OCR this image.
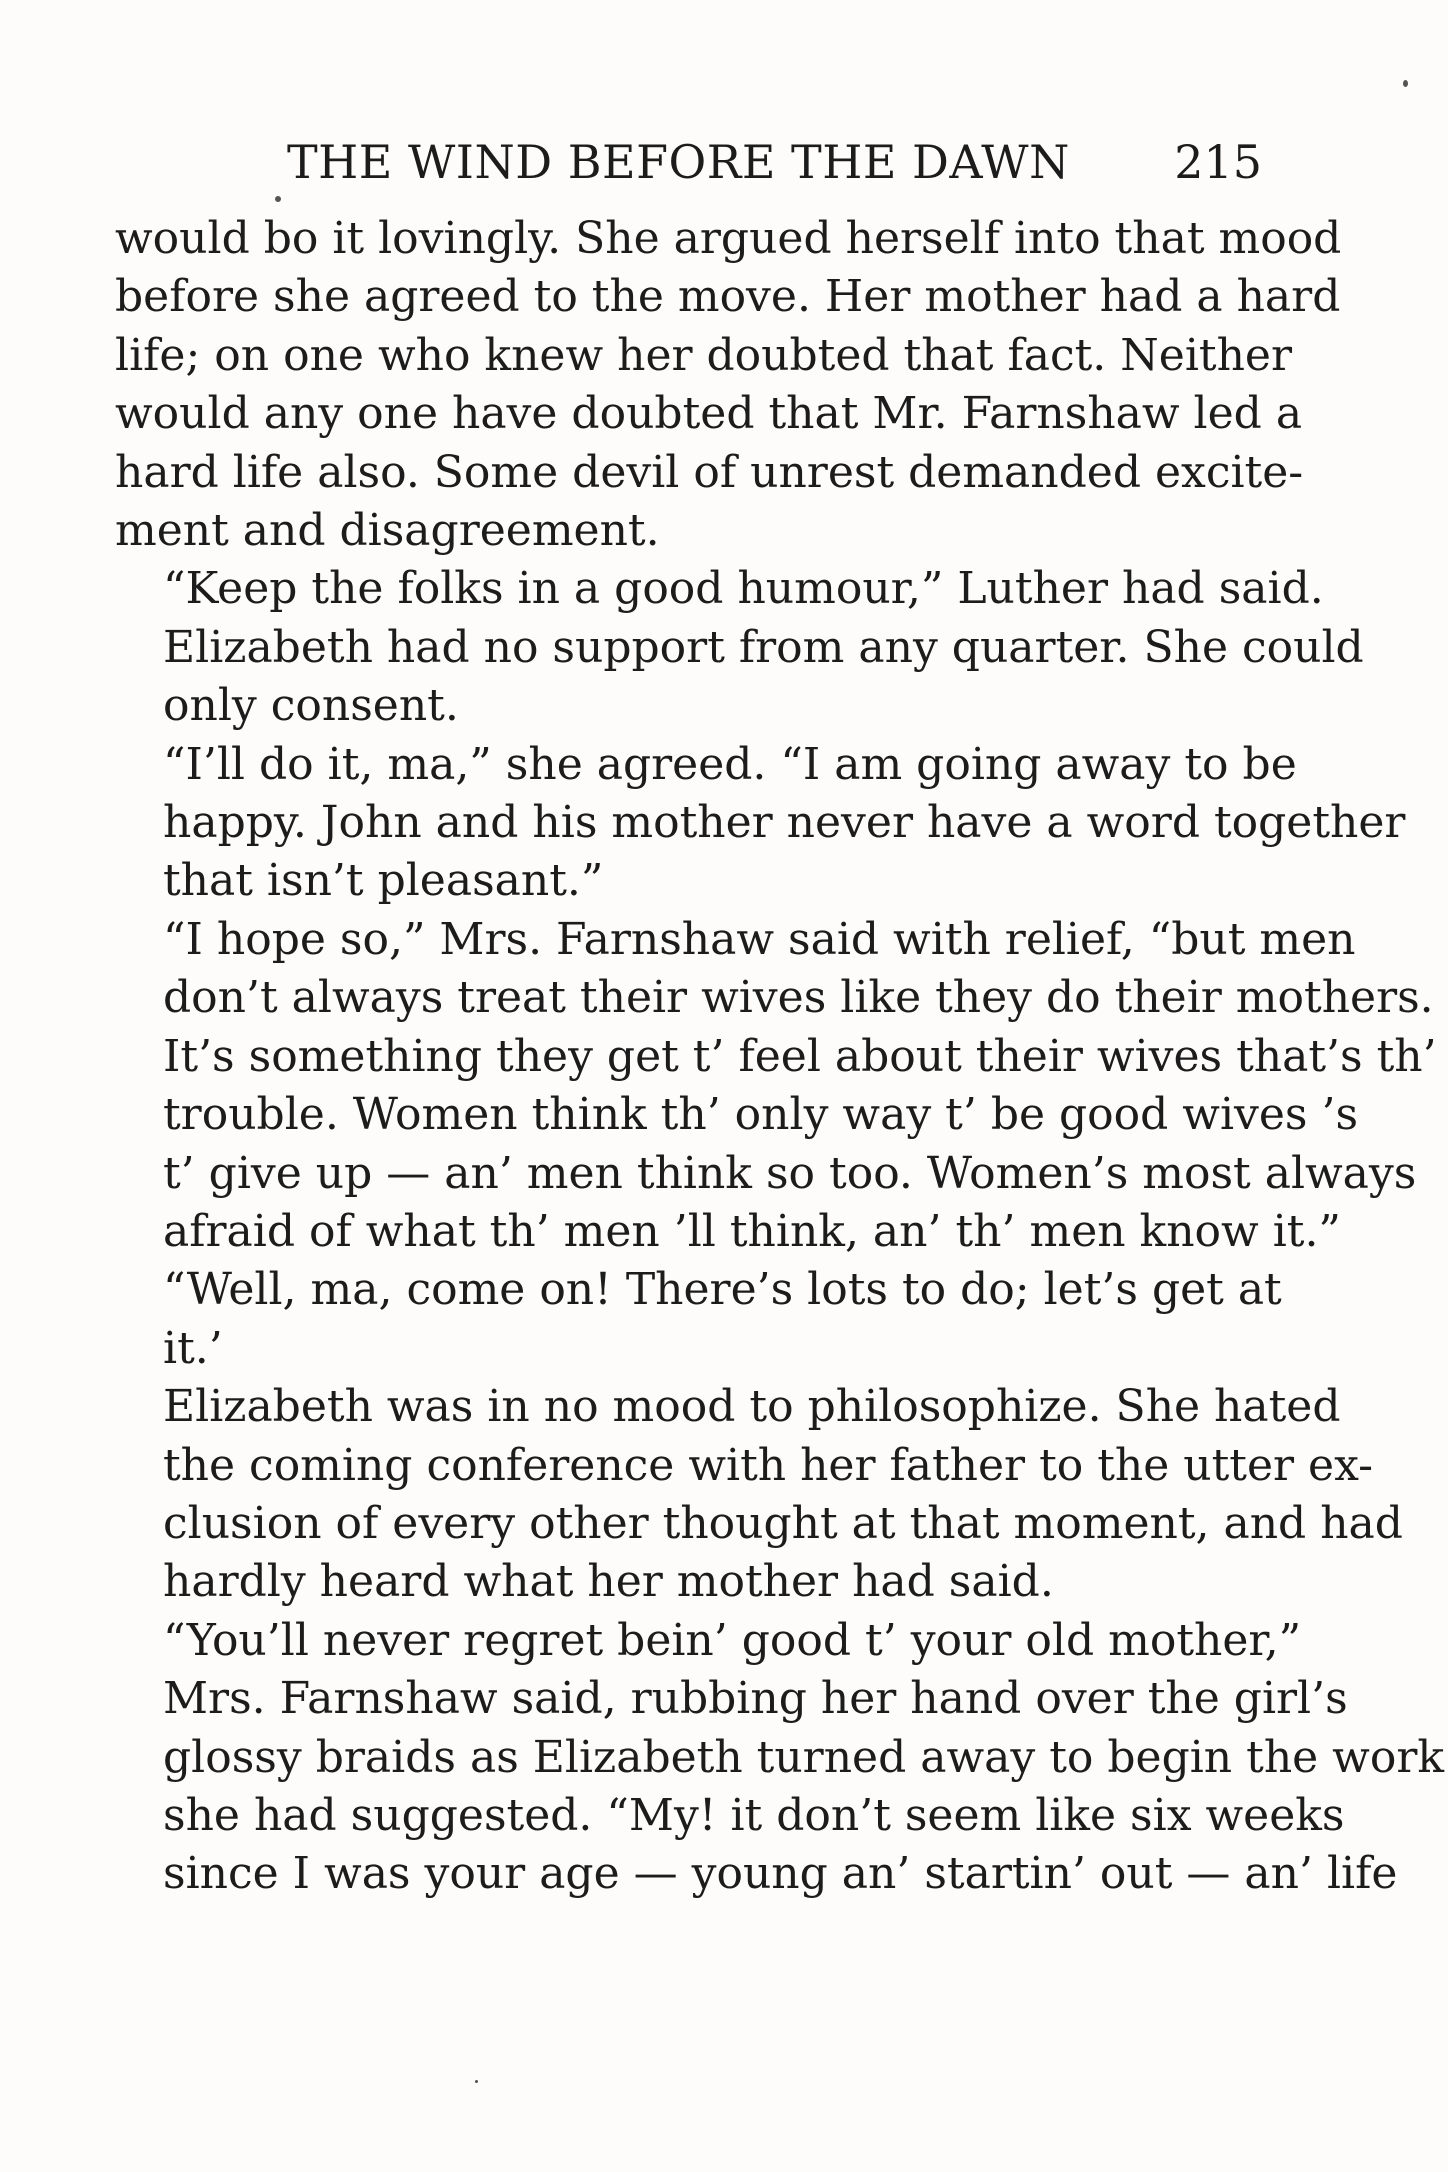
THE WIND BEFORE THE DAWN 215

would bo it lovingly. She argued herself into that mood
before she agreed to the move. Her mother had a hard
life; on one who knew her doubted that fact. Neither
would any one have doubted that Mr. Farnshaw led a
hard life also. Some devil of unrest demanded excite-
ment and disagreement.

“Keep the folks in a good humour,” Luther had said.

Elizabeth had no support from any quarter. She could
only consent.

“I’ll do it, ma,” she agreed. “I am going away to be
happy. John and his mother never have a word together
that isn’t pleasant.”

“I hope so,” Mrs. Farnshaw said with relief, “but men
don’t always treat their wives like they do their mothers.
It’s something they get t’ feel about their wives that’s th’
trouble. Women think th’ only way t’ be good wives ’s
t’ give up — an’ men think so too. Women’s most always
afraid of what th’ men ’ll think, an’ th’ men know it.”

“Well, ma, come on! There’s lots to do; let’s get at
it.’

Elizabeth was in no mood to philosophize. She hated
the coming conference with her father to the utter ex-
clusion of every other thought at that moment, and had
hardly heard what her mother had said.

“You’ll never regret bein’ good t’ your old mother,”
Mrs. Farnshaw said, rubbing her hand over the girl’s
glossy braids as Elizabeth turned away to begin the work
she had suggested. “My! it don’t seem like six weeks
since I was your age — young an’ startin’ out — an’ life
